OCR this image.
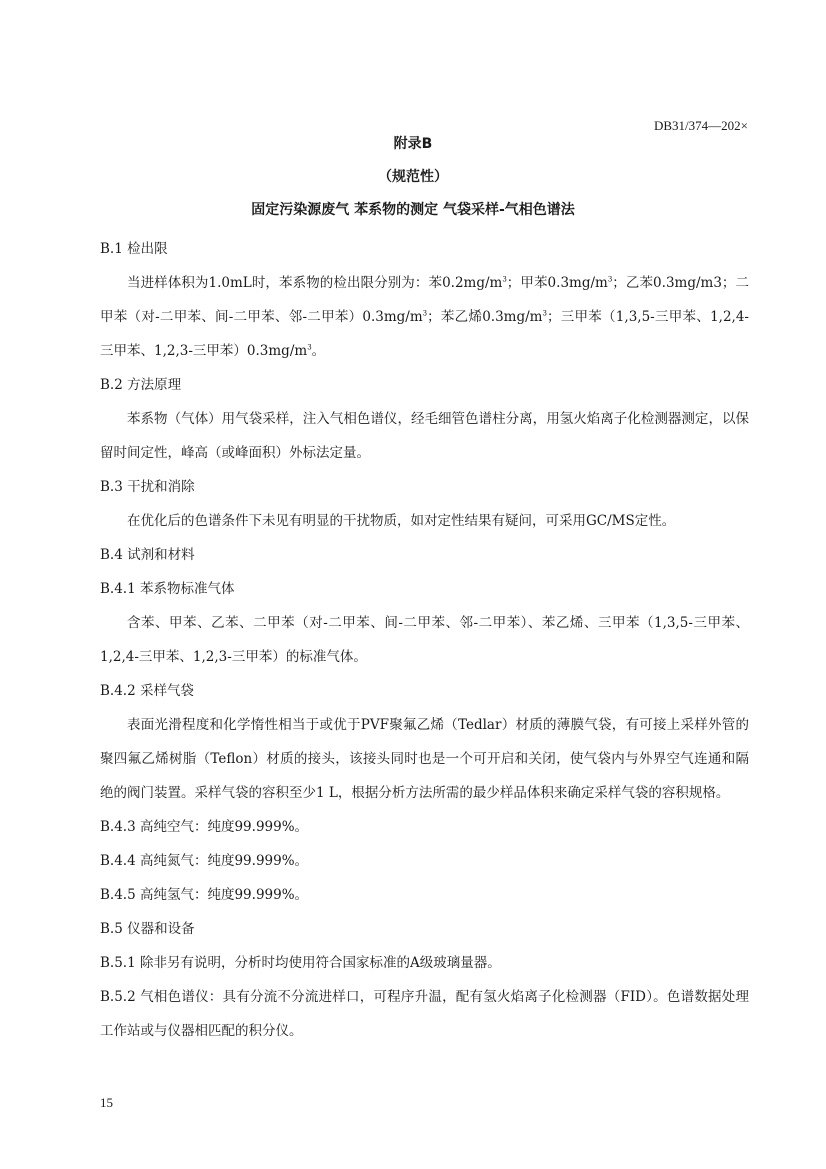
DB31/374—202×
附录B
（规范性）
固定污染源废气 苯系物的测定 气袋采样-气相色谱法

B.1 检出限

当进样体积为1.0mL时，苯系物的检出限分别为：苯$0.2mg/m^3$；甲苯$0.3mg/m^3$；乙苯0.3mg/m3；二甲苯（对-二甲苯、间-二甲苯、邻-二甲苯）$0.3mg/m^3$；苯乙烯$0.3mg/m^3$；三甲苯（1,3,5-三甲苯、1,2,4-三甲苯、1,2,3-三甲苯）$0.3mg/m^3$。

B.2 方法原理

苯系物（气体）用气袋采样，注入气相色谱仪，经毛细管色谱柱分离，用氢火焰离子化检测器测定，以保留时间定性，峰高（或峰面积）外标法定量。

B.3 干扰和消除

在优化后的色谱条件下未见有明显的干扰物质，如对定性结果有疑问，可采用GC/MS定性。

B.4 试剂和材料

B.4.1 苯系物标准气体

含苯、甲苯、乙苯、二甲苯（对-二甲苯、间-二甲苯、邻-二甲苯）、苯乙烯、三甲苯（1,3,5-三甲苯、1,2,4-三甲苯、1,2,3-三甲苯）的标准气体。

B.4.2 采样气袋

表面光滑程度和化学惰性相当于或优于PVF聚氟乙烯（Tedlar）材质的薄膜气袋，有可接上采样外管的聚四氟乙烯树脂（Teflon）材质的接头，该接头同时也是一个可开启和关闭，使气袋内与外界空气连通和隔绝的阀门装置。采样气袋的容积至少1 L，根据分析方法所需的最少样品体积来确定采样气袋的容积规格。

B.4.3 高纯空气：纯度99.999%。

B.4.4 高纯氮气：纯度99.999%。

B.4.5 高纯氢气：纯度99.999%。

B.5 仪器和设备

B.5.1 除非另有说明，分析时均使用符合国家标准的A级玻璃量器。

B.5.2 气相色谱仪：具有分流不分流进样口，可程序升温，配有氢火焰离子化检测器（FID）。色谱数据处理工作站或与仪器相匹配的积分仪。

15
